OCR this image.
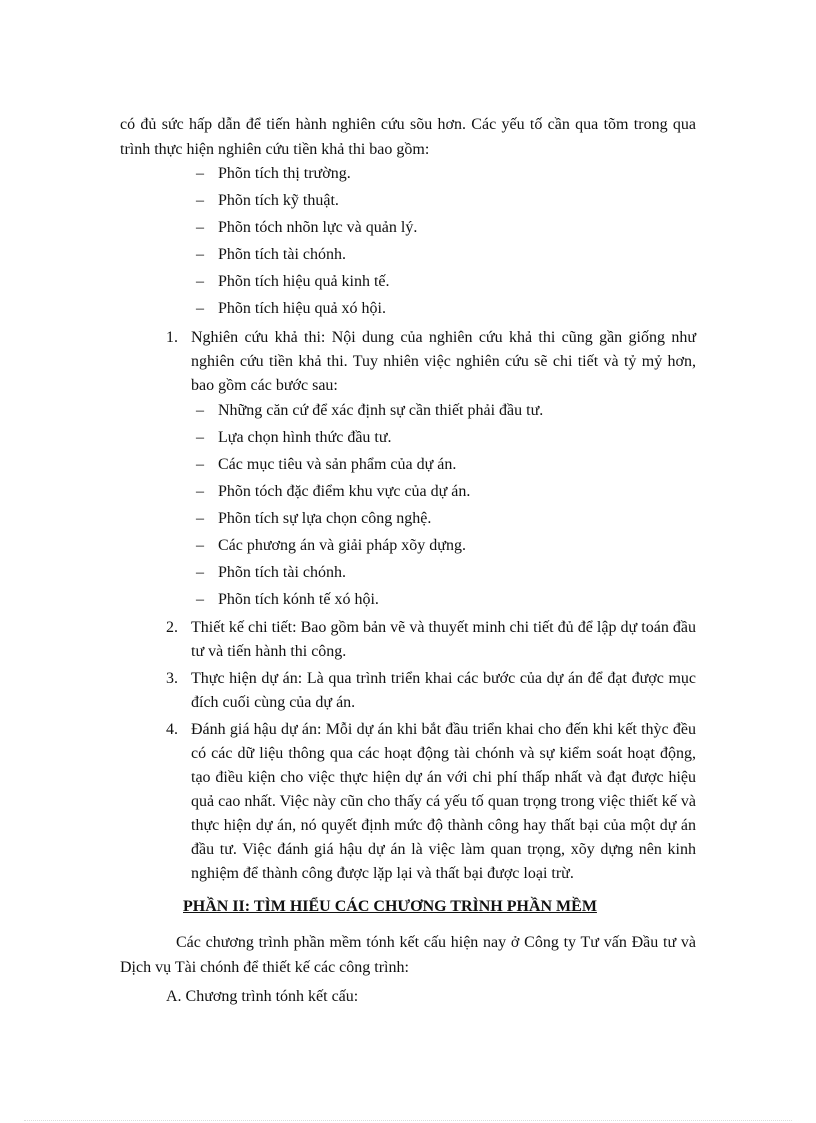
có đủ sức hấp dẫn để tiến hành nghiên cứu sõu hơn. Các yếu tố cần qua tõm trong qua trình thực hiện nghiên cứu tiền khả thi bao gồm:

– Phõn tích thị trường.
– Phõn tích kỹ thuật.
– Phõn tóch nhõn lực và quản lý.
– Phõn tích tài chónh.
– Phõn tích hiệu quả kinh tế.
– Phõn tích hiệu quả xó hội.
1. Nghiên cứu khả thi: Nội dung của nghiên cứu khả thi cũng gần giống như nghiên cứu tiền khả thi. Tuy nhiên việc nghiên cứu sẽ chi tiết và tỷ mỷ hơn, bao gồm các bước sau:
– Những căn cứ để xác định sự cần thiết phải đầu tư.
– Lựa chọn hình thức đầu tư.
– Các mục tiêu và sản phẩm của dự án.
– Phõn tóch đặc điểm khu vực của dự án.
– Phõn tích sự lựa chọn công nghệ.
– Các phương án và giải pháp xõy dựng.
– Phõn tích tài chónh.
– Phõn tích kónh tế xó hội.
2. Thiết kế chi tiết: Bao gồm bản vẽ và thuyết minh chi tiết đủ để lập dự toán đầu tư và tiến hành thi công.
3. Thực hiện dự án: Là qua trình triển khai các bước của dự án để đạt được mục đích cuối cùng của dự án.
4. Đánh giá hậu dự án: Mỗi dự án khi bắt đầu triển khai cho đến khi kết thỳc đều có các dữ liệu thông qua các hoạt động tài chónh và sự kiểm soát hoạt động, tạo điều kiện cho việc thực hiện dự án với chi phí thấp nhất và đạt được hiệu quả cao nhất. Việc này cũn cho thấy cá yếu tố quan trọng trong việc thiết kế và thực hiện dự án, nó quyết định mức độ thành công hay thất bại của một dự án đầu tư. Việc đánh giá hậu dự án là việc làm quan trọng, xõy dựng nên kinh nghiệm để thành công được lặp lại và thất bại được loại trừ.
PHẦN II: TÌM HIỂU CÁC CHƯƠNG TRÌNH PHẦN MỀM

Các chương trình phần mềm tónh kết cấu hiện nay ở Công ty Tư vấn Đầu tư và Dịch vụ Tài chónh để thiết kế các công trình:

A. Chương trình tónh kết cấu:
